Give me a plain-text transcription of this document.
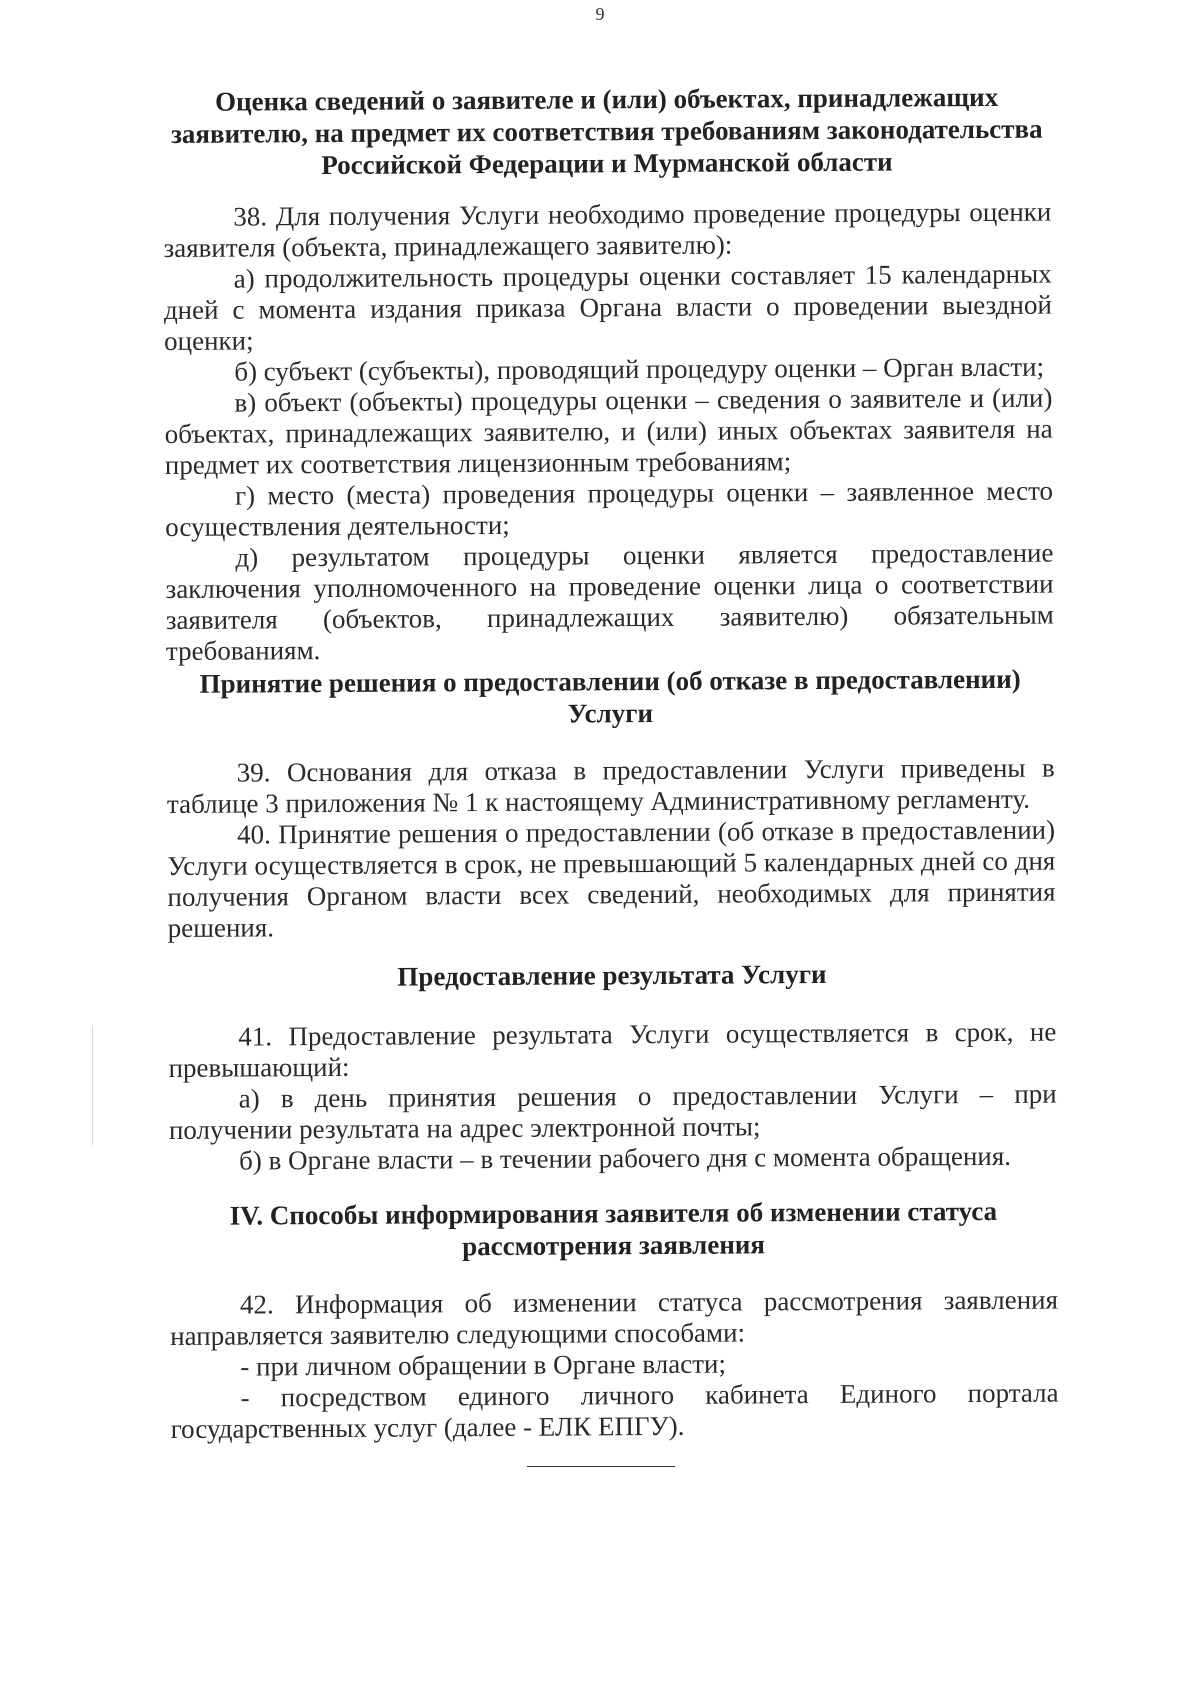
9
Оценка сведений о заявителе и (или) объектах, принадлежащих
заявителю, на предмет их соответствия требованиям законодательства
Российской Федерации и Мурманской области

38. Для получения Услуги необходимо проведение процедуры оценки заявителя (объекта, принадлежащего заявителю):

а) продолжительность процедуры оценки составляет 15 календарных дней с момента издания приказа Органа власти о проведении выездной оценки;

б) субъект (субъекты), проводящий процедуру оценки – Орган власти;

в) объект (объекты) процедуры оценки – сведения о заявителе и (или) объектах, принадлежащих заявителю, и (или) иных объектах заявителя на предмет их соответствия лицензионным требованиям;

г) место (места) проведения процедуры оценки – заявленное место осуществления деятельности;

д) результатом процедуры оценки является предоставление заключения уполномоченного на проведение оценки лица о соответствии заявителя (объектов, принадлежащих заявителю) обязательным требованиям.

Принятие решения о предоставлении (об отказе в предоставлении)
Услуги

39. Основания для отказа в предоставлении Услуги приведены в таблице 3 приложения № 1 к настоящему Административному регламенту.

40. Принятие решения о предоставлении (об отказе в предоставлении) Услуги осуществляется в срок, не превышающий 5 календарных дней со дня получения Органом власти всех сведений, необходимых для принятия решения.

Предоставление результата Услуги

41. Предоставление результата Услуги осуществляется в срок, не превышающий:

а) в день принятия решения о предоставлении Услуги – при получении результата на адрес электронной почты;

б) в Органе власти – в течении рабочего дня с момента обращения.

IV. Способы информирования заявителя об изменении статуса
рассмотрения заявления

42. Информация об изменении статуса рассмотрения заявления направляется заявителю следующими способами:

- при личном обращении в Органе власти;

- посредством единого личного кабинета Единого портала государственных услуг (далее - ЕЛК ЕПГУ).
